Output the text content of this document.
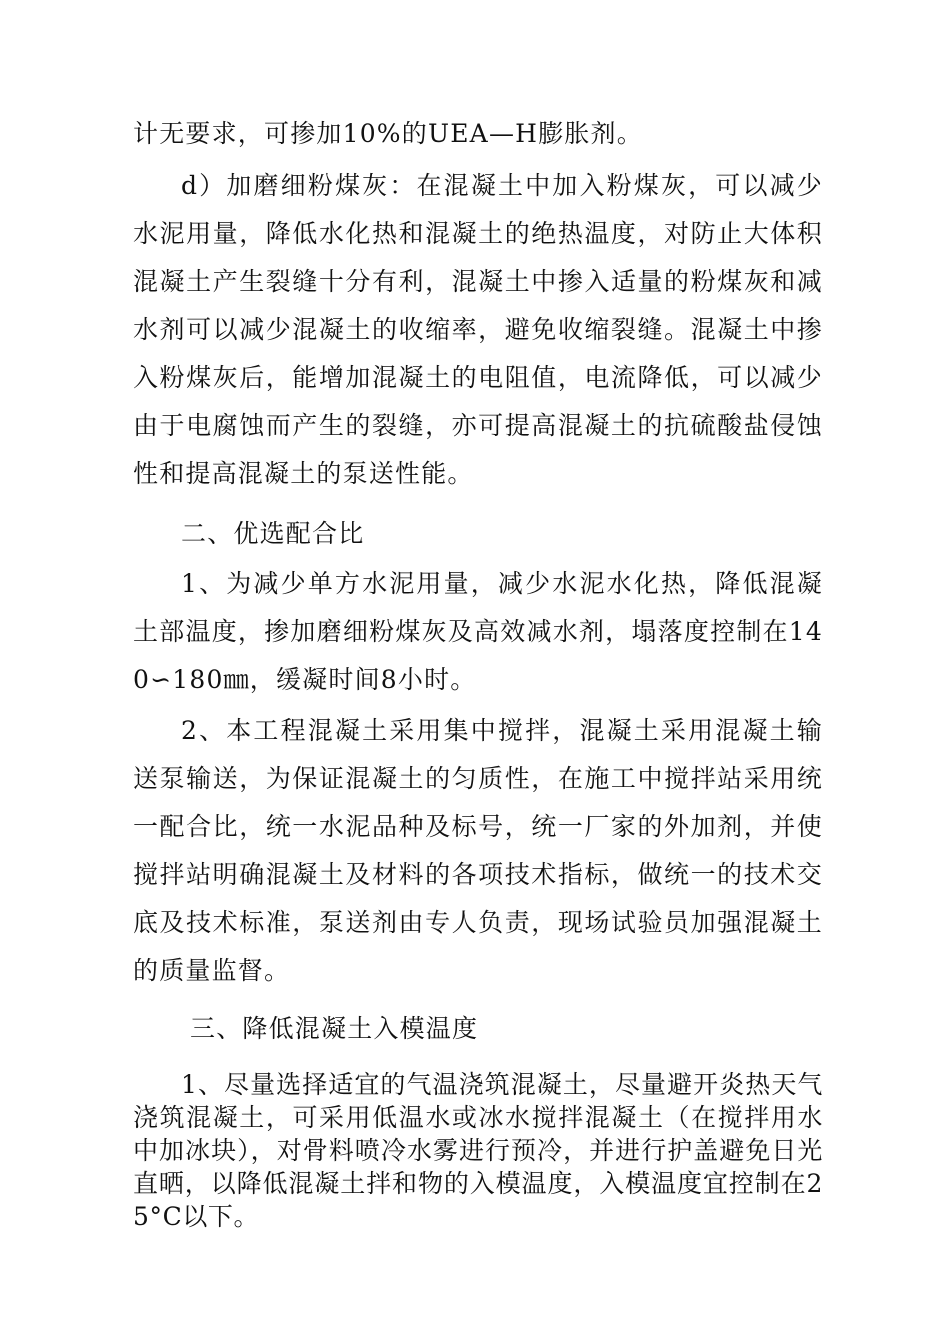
计无要求，可掺加10%的UEA—H膨胀剂。

d）加磨细粉煤灰：在混凝土中加入粉煤灰，可以减少水泥用量，降低水化热和混凝土的绝热温度，对防止大体积混凝土产生裂缝十分有利，混凝土中掺入适量的粉煤灰和减水剂可以减少混凝土的收缩率，避免收缩裂缝。混凝土中掺入粉煤灰后，能增加混凝土的电阻值，电流降低，可以减少由于电腐蚀而产生的裂缝，亦可提高混凝土的抗硫酸盐侵蚀性和提高混凝土的泵送性能。

二、优选配合比

1、为减少单方水泥用量，减少水泥水化热，降低混凝土部温度，掺加磨细粉煤灰及高效减水剂，塌落度控制在140∽180㎜，缓凝时间8小时。

2、本工程混凝土采用集中搅拌，混凝土采用混凝土输送泵输送，为保证混凝土的匀质性，在施工中搅拌站采用统一配合比，统一水泥品种及标号，统一厂家的外加剂，并使搅拌站明确混凝土及材料的各项技术指标，做统一的技术交底及技术标准，泵送剂由专人负责，现场试验员加强混凝土的质量监督。

三、降低混凝土入模温度

1、尽量选择适宜的气温浇筑混凝土，尽量避开炎热天气浇筑混凝土，可采用低温水或冰水搅拌混凝土（在搅拌用水中加冰块），对骨料喷冷水雾进行预冷，并进行护盖避免日光直晒，以降低混凝土拌和物的入模温度，入模温度宜控制在25°C以下。
